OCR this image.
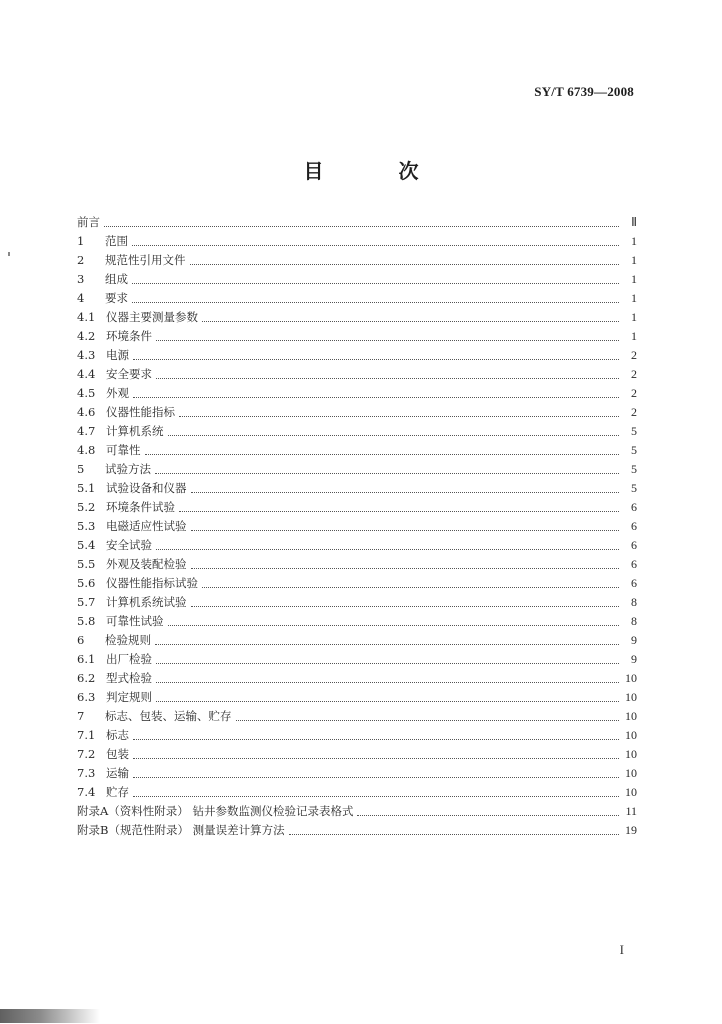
SY/T 6739—2008
目 次
前言	Ⅱ
1	范围	1
2	规范性引用文件	1
3	组成	1
4	要求	1
4.1 仪器主要测量参数	1
4.2 环境条件	1
4.3 电源	2
4.4 安全要求	2
4.5 外观	2
4.6 仪器性能指标	2
4.7 计算机系统	5
4.8 可靠性	5
5	试验方法	5
5.1 试验设备和仪器	5
5.2 环境条件试验	6
5.3 电磁适应性试验	6
5.4 安全试验	6
5.5 外观及装配检验	6
5.6 仪器性能指标试验	6
5.7 计算机系统试验	8
5.8 可靠性试验	8
6	检验规则	9
6.1 出厂检验	9
6.2 型式检验	10
6.3 判定规则	10
7	标志、包装、运输、贮存	10
7.1 标志	10
7.2 包装	10
7.3 运输	10
7.4 贮存	10
附录A（资料性附录） 钻井参数监测仪检验记录表格式	11
附录B（规范性附录） 测量误差计算方法	19
I
